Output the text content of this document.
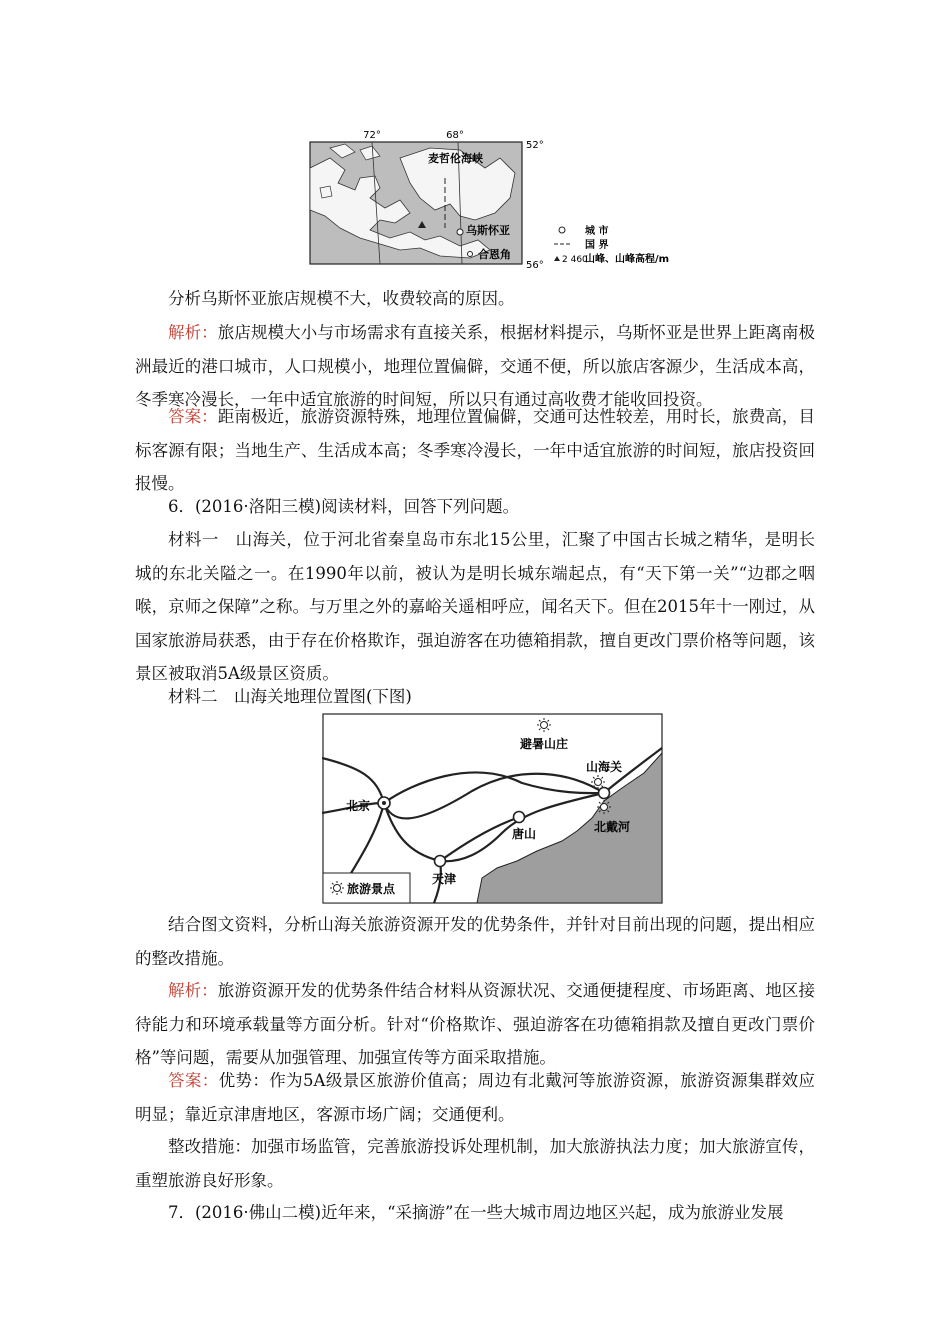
72°	68°
52°
56°
麦哲伦海峡
乌斯怀亚
合恩角
城 市
国 界
2 460
山峰、山峰高程/m

分析乌斯怀亚旅店规模不大，收费较高的原因。

解析：旅店规模大小与市场需求有直接关系，根据材料提示，乌斯怀亚是世界上距离南极洲最近的港口城市，人口规模小，地理位置偏僻，交通不便，所以旅店客源少，生活成本高，冬季寒冷漫长，一年中适宜旅游的时间短，所以只有通过高收费才能收回投资。

答案：距南极近，旅游资源特殊，地理位置偏僻，交通可达性较差，用时长，旅费高，目标客源有限；当地生产、生活成本高；冬季寒冷漫长，一年中适宜旅游的时间短，旅店投资回报慢。

6．(2016·洛阳三模)阅读材料，回答下列问题。

材料一　山海关，位于河北省秦皇岛市东北15公里，汇聚了中国古长城之精华，是明长城的东北关隘之一。在1990年以前，被认为是明长城东端起点，有“天下第一关”“边郡之咽喉，京师之保障”之称。与万里之外的嘉峪关遥相呼应，闻名天下。但在2015年十一刚过，从国家旅游局获悉，由于存在价格欺诈，强迫游客在功德箱捐款，擅自更改门票价格等问题，该景区被取消5A级景区资质。

材料二　山海关地理位置图(下图)

避暑山庄
山海关
北京
唐山	北戴河
天津
旅游景点

结合图文资料，分析山海关旅游资源开发的优势条件，并针对目前出现的问题，提出相应的整改措施。

解析：旅游资源开发的优势条件结合材料从资源状况、交通便捷程度、市场距离、地区接待能力和环境承载量等方面分析。针对“价格欺诈、强迫游客在功德箱捐款及擅自更改门票价格”等问题，需要从加强管理、加强宣传等方面采取措施。

答案：优势：作为5A级景区旅游价值高；周边有北戴河等旅游资源，旅游资源集群效应明显；靠近京津唐地区，客源市场广阔；交通便利。

整改措施：加强市场监管，完善旅游投诉处理机制，加大旅游执法力度；加大旅游宣传，重塑旅游良好形象。

7．(2016·佛山二模)近年来，“采摘游”在一些大城市周边地区兴起，成为旅游业发展
